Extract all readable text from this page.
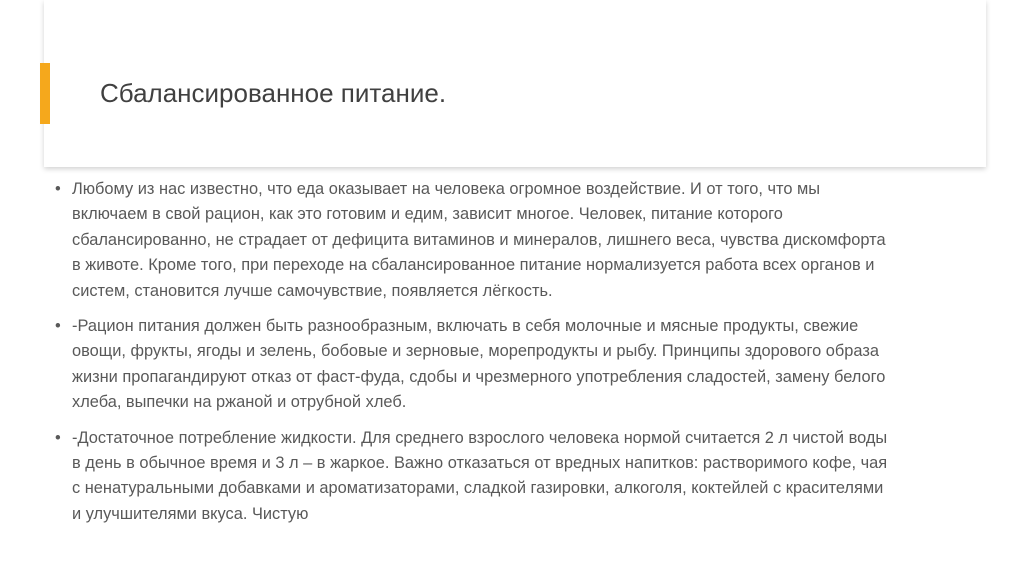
Сбалансированное питание.
• Любому из нас известно, что еда оказывает на человека огромное воздействие. И от того, что мы включаем в свой рацион, как это готовим и едим, зависит многое. Человек, питание которого сбалансированно, не страдает от дефицита витаминов и минералов, лишнего веса, чувства дискомфорта в животе. Кроме того, при переходе на сбалансированное питание нормализуется работа всех органов и систем, становится лучше самочувствие, появляется лёгкость.
• -Рацион питания должен быть разнообразным, включать в себя молочные и мясные продукты, свежие овощи, фрукты, ягоды и зелень, бобовые и зерновые, морепродукты и рыбу. Принципы здорового образа жизни пропагандируют отказ от фаст-фуда, сдобы и чрезмерного употребления сладостей, замену белого хлеба, выпечки на ржаной и отрубной хлеб.
• -Достаточное потребление жидкости. Для среднего взрослого человека нормой считается 2 л чистой воды в день в обычное время и 3 л – в жаркое. Важно отказаться от вредных напитков: растворимого кофе, чая с ненатуральными добавками и ароматизаторами, сладкой газировки, алкоголя, коктейлей с красителями и улучшителями вкуса. Чистую
